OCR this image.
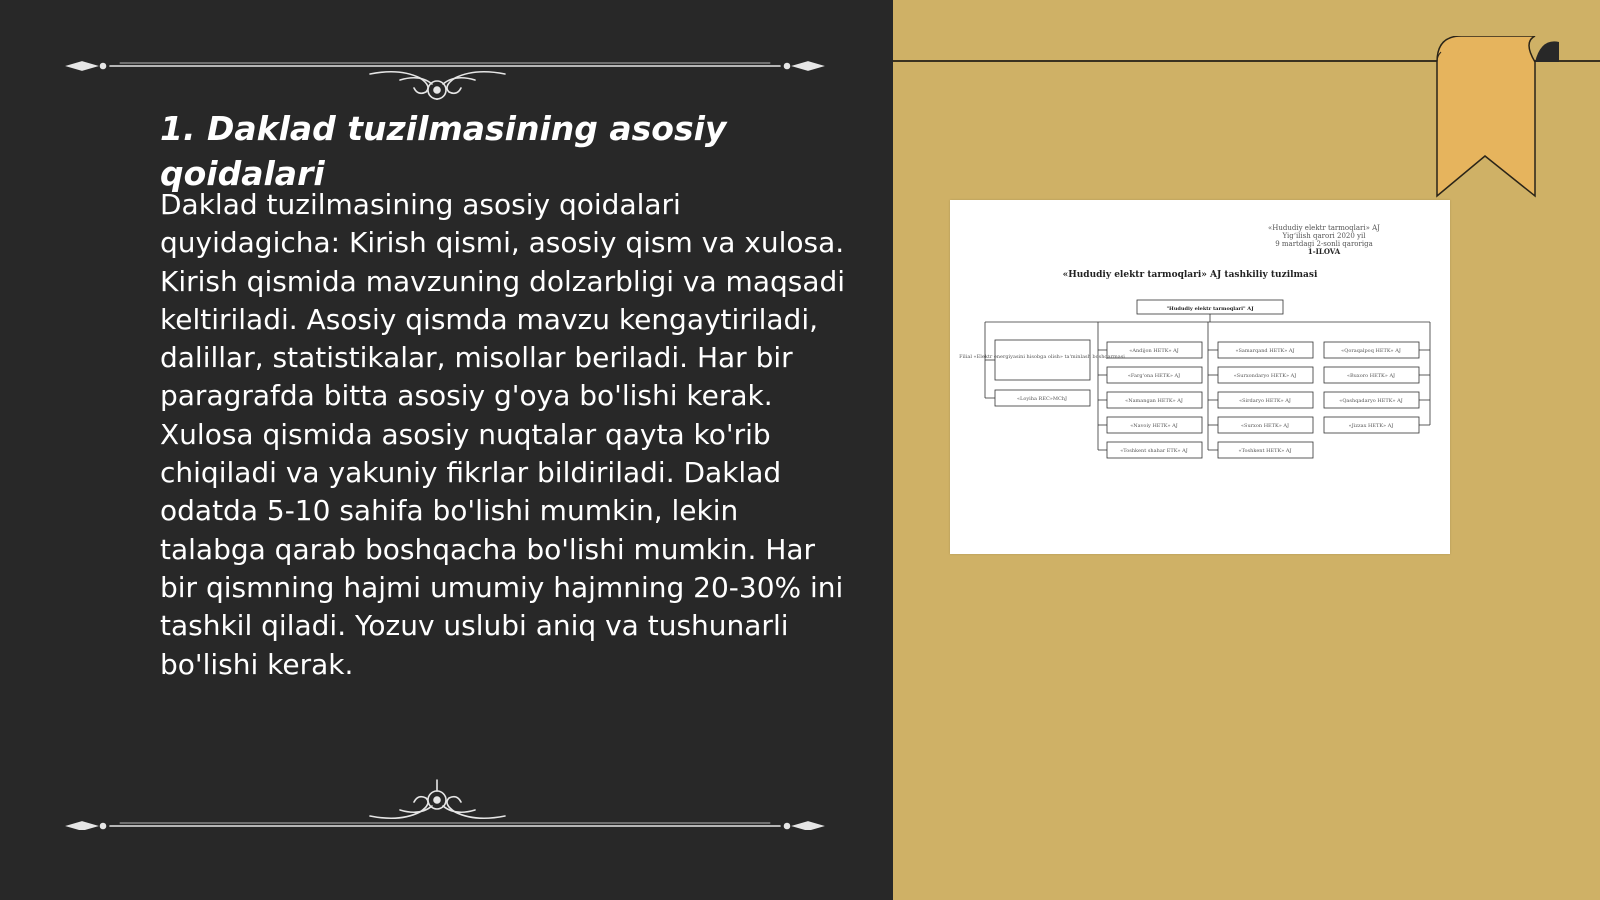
1. Daklad tuzilmasining asosiy qoidalari

Daklad tuzilmasining asosiy qoidalari quyidagicha: Kirish qismi, asosiy qism va xulosa. Kirish qismida mavzuning dolzarbligi va maqsadi keltiriladi. Asosiy qismda mavzu kengaytiriladi, dalillar, statistikalar, misollar beriladi. Har bir paragrafda bitta asosiy g'oya bo'lishi kerak. Xulosa qismida asosiy nuqtalar qayta ko'rib chiqiladi va yakuniy fikrlar bildiriladi. Daklad odatda 5-10 sahifa bo'lishi mumkin, lekin talabga qarab boshqacha bo'lishi mumkin. Har bir qismning hajmi umumiy hajmning 20-30% ini tashkil qiladi. Yozuv uslubi aniq va tushunarli bo'lishi kerak.

«Hududiy elektr tarmoqlari» AJ
Yigʻilish qarori 2020 yil
9 martdagi 2-sonli qaroriga
1-ILOVA
«Hududiy elektr tarmoqlari» AJ tashkiliy tuzilmasi
"Hududiy elektr tarmoqlari" AJ
Filial «Elektr energiyasini hisobga olish» ta'minlash boshqarmasi
«Loyiha REC»MChJ
«Andijon HETK» AJ
«Farg'ona HETK» AJ
«Namangan HETK» AJ
«Navoiy HETK» AJ
«Toshkent shahar ETK» AJ
«Samarqand HETK» AJ
«Surxondaryo HETK» AJ
«Sirdaryo HETK» AJ
«Surxon HETK» AJ
«Toshkent HETK» AJ
«Qoraqalpoq HETK» AJ
«Buxoro HETK» AJ
«Qashqadaryo HETK» AJ
«Jizzax HETK» AJ
